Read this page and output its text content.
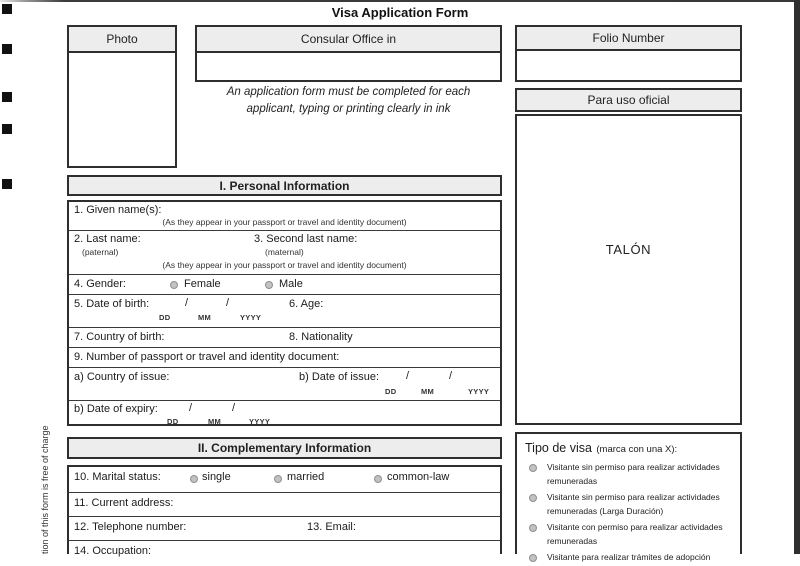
tion of this form is free of charge
Visa Application Form
Photo	Consular Office in
An application form must be completed for each
applicant, typing or printing clearly in ink
Folio Number
Para uso oficial
TALÓN
I. Personal Information
1. Given name(s):
(As they appear in your passport or travel and identity document)
2. Last name:
(paternal)
3. Second last name:
(maternal)
(As they appear in your passport or travel and identity document)
4. Gender:	Female	Male
5. Date of birth:	/	/
DD	MM	YYYY
6. Age:
7. Country of birth:	8. Nationality
9. Number of passport or travel and identity document:
a) Country of issue:	b) Date of issue: /	/
DD	MM	YYYY
b) Date of expiry:	/	/
DD	MM	YYYY
II. Complementary Information
10. Marital status:	single	married	common-law
11. Current address:
12. Telephone number:	13. Email:
14. Occupation:
Tipo de visa (marca con una X):
Visitante sin permiso para realizar actividades
remuneradas
Visitante sin permiso para realizar actividades
remuneradas (Larga Duración)
Visitante con permiso para realizar actividades
remuneradas
Visitante para realizar trámites de adopción
